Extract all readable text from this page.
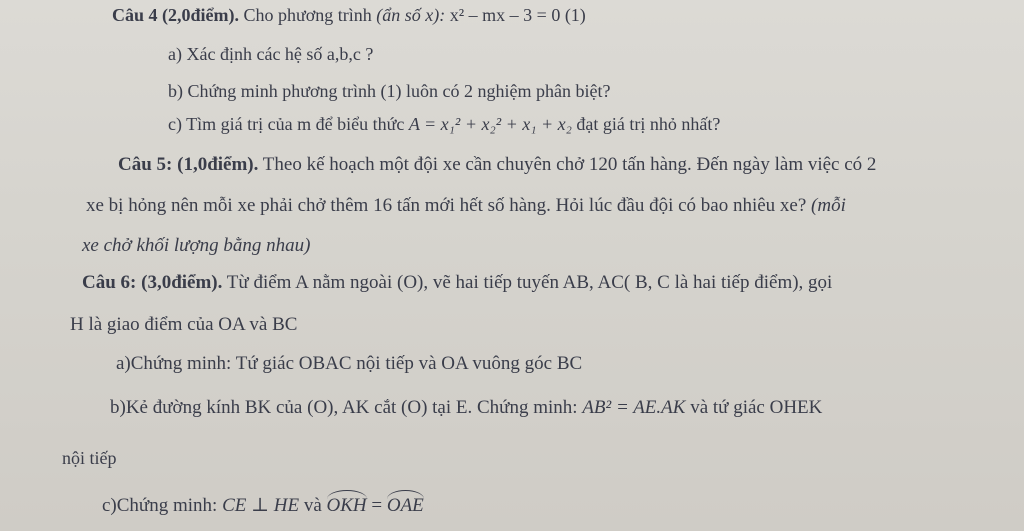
Câu 4 (2,0điểm). Cho phương trình (ẩn số x): x² – mx – 3 = 0 (1)
a) Xác định các hệ số a,b,c ?
b) Chứng minh phương trình (1) luôn có 2 nghiệm phân biệt?
c) Tìm giá trị của m để biểu thức A = x₁² + x₂² + x₁ + x₂ đạt giá trị nhỏ nhất?
Câu 5: (1,0điểm). Theo kế hoạch một đội xe cần chuyên chở 120 tấn hàng. Đến ngày làm việc có 2
xe bị hỏng nên mỗi xe phải chở thêm 16 tấn mới hết số hàng. Hỏi lúc đầu đội có bao nhiêu xe? (mỗi
xe chở khối lượng bằng nhau)
Câu 6: (3,0điểm). Từ điểm A nằm ngoài (O), vẽ hai tiếp tuyến AB, AC( B, C là hai tiếp điểm), gọi
H là giao điểm của OA và BC
a)Chứng minh: Tứ giác OBAC nội tiếp và OA vuông góc BC
b)Kẻ đường kính BK của (O), AK cắt (O) tại E. Chứng minh: AB² = AE.AK và tứ giác OHEK
nội tiếp
c)Chứng minh: CE ⊥ HE và OKH = OAE
